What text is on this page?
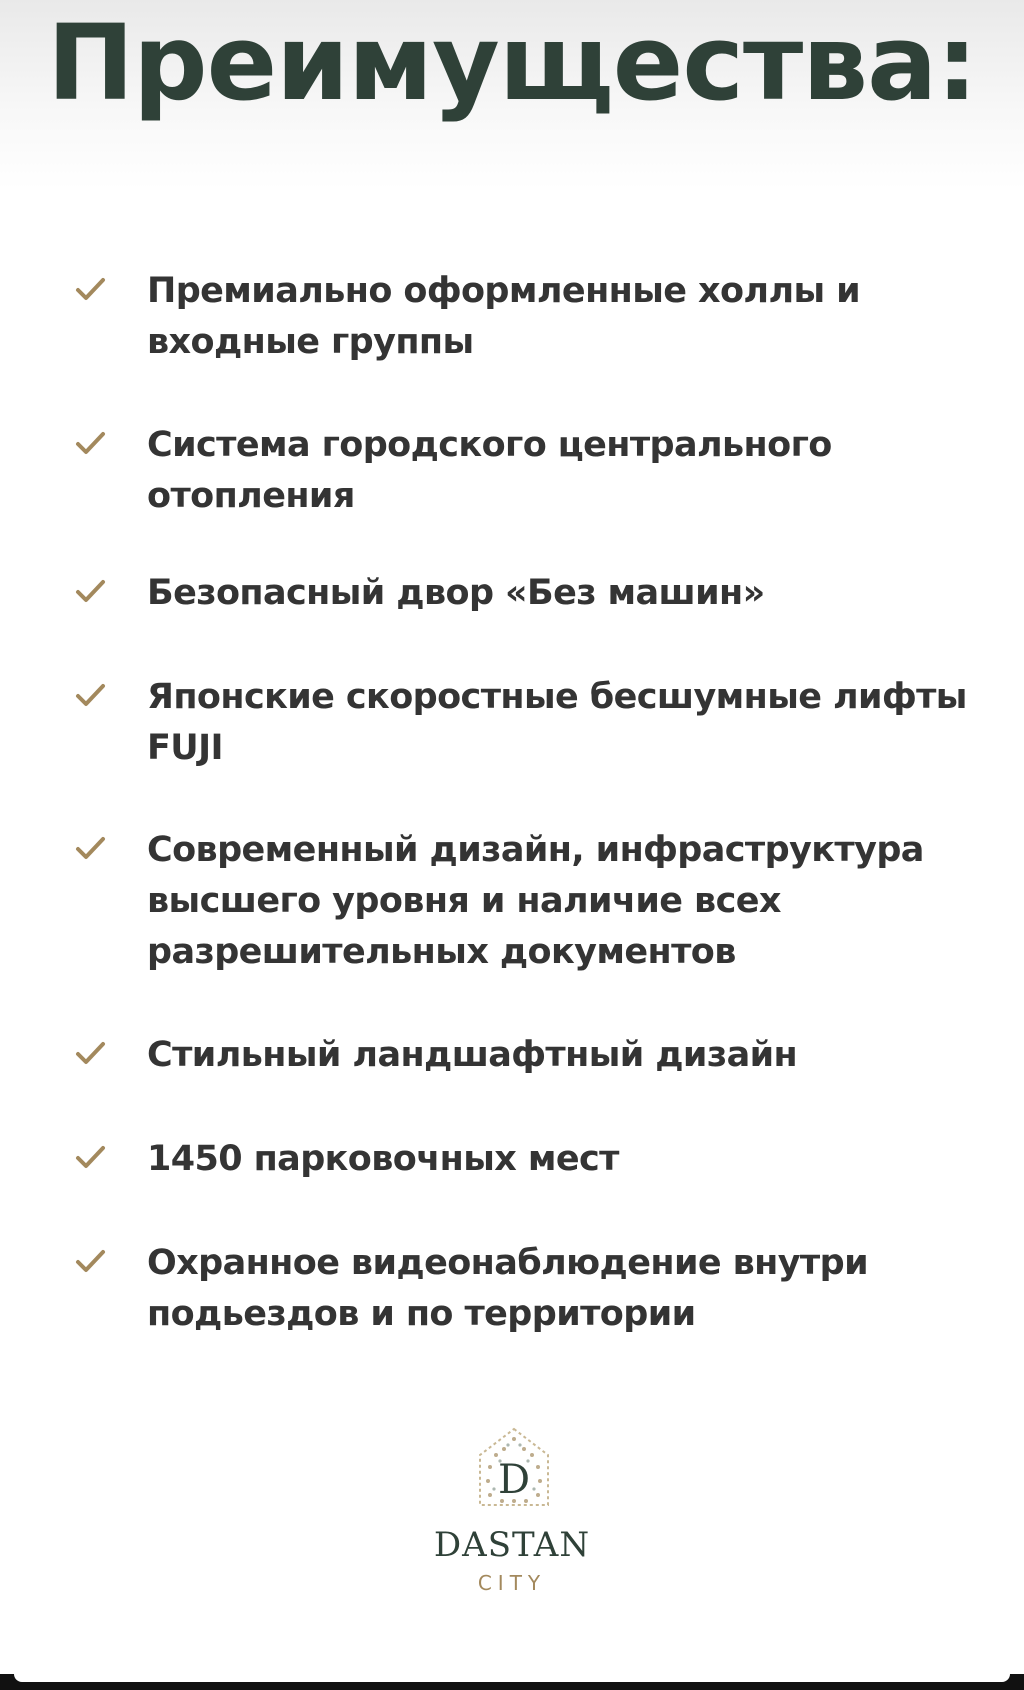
Преимущества:
Премиально оформленные холлы и входные группы
Система городского центрального отопления
Безопасный двор «Без машин»
Японские скоростные бесшумные лифты FUJI
Современный дизайн, инфраструктура высшего уровня и наличие всех разрешительных документов
Стильный ландшафтный дизайн
1450 парковочных мест
Охранное видеонаблюдение внутри подьездов и по территории
D
DASTAN
CITY
